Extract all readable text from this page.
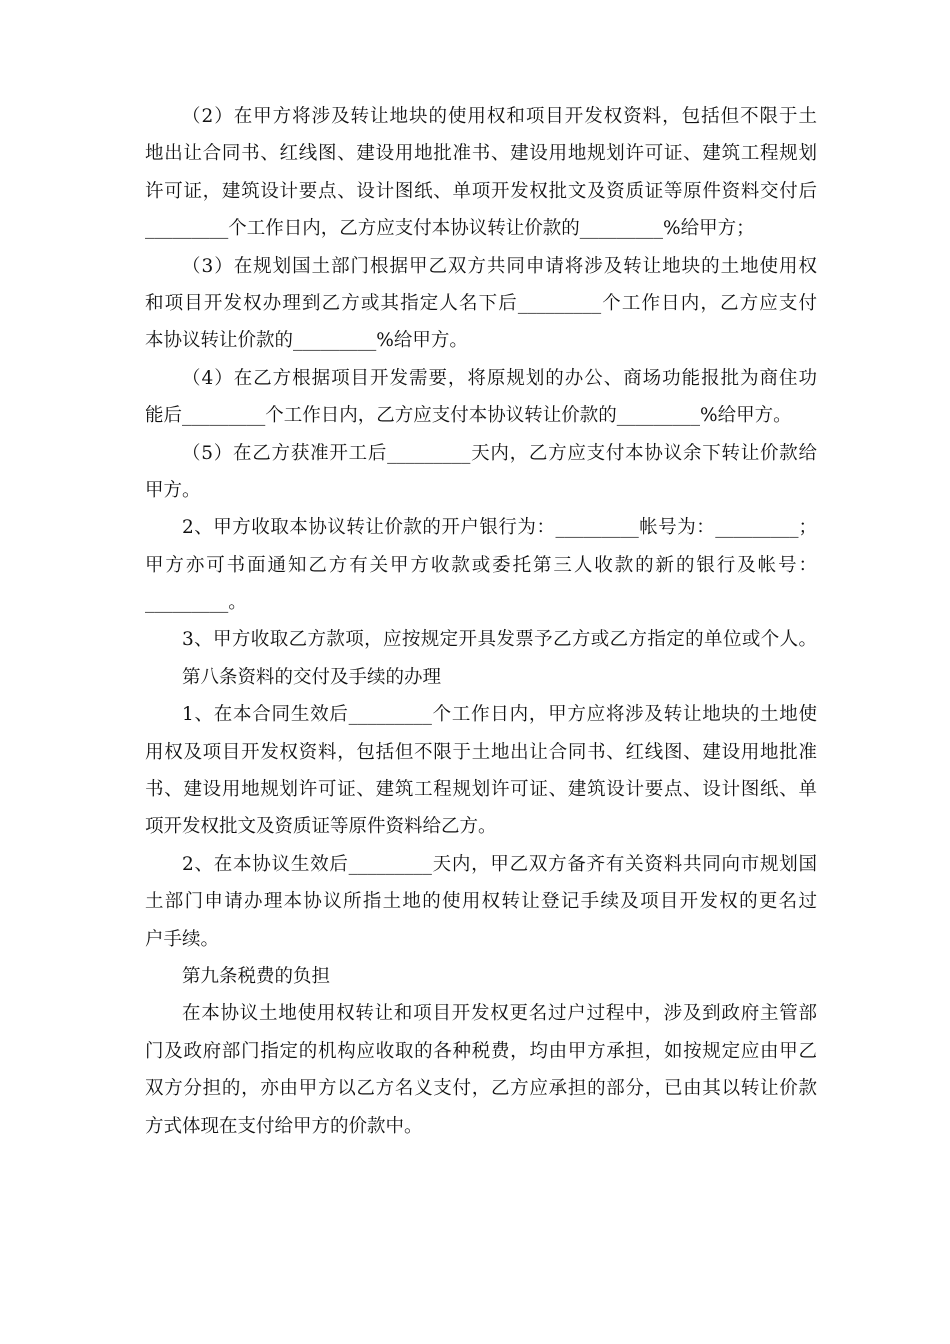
（2）在甲方将涉及转让地块的使用权和项目开发权资料，包括但不限于土
地出让合同书、红线图、建设用地批准书、建设用地规划许可证、建筑工程规划
许可证，建筑设计要点、设计图纸、单项开发权批文及资质证等原件资料交付后
_________个工作日内，乙方应支付本协议转让价款的_________%给甲方；
（3）在规划国土部门根据甲乙双方共同申请将涉及转让地块的土地使用权
和项目开发权办理到乙方或其指定人名下后_________个工作日内，乙方应支付
本协议转让价款的_________%给甲方。
（4）在乙方根据项目开发需要，将原规划的办公、商场功能报批为商住功
能后_________个工作日内，乙方应支付本协议转让价款的_________%给甲方。
（5）在乙方获准开工后_________天内，乙方应支付本协议余下转让价款给
甲方。
2、甲方收取本协议转让价款的开户银行为：_________帐号为：_________；
甲方亦可书面通知乙方有关甲方收款或委托第三人收款的新的银行及帐号：
_________。
3、甲方收取乙方款项，应按规定开具发票予乙方或乙方指定的单位或个人。
第八条资料的交付及手续的办理
1、在本合同生效后_________个工作日内，甲方应将涉及转让地块的土地使
用权及项目开发权资料，包括但不限于土地出让合同书、红线图、建设用地批准
书、建设用地规划许可证、建筑工程规划许可证、建筑设计要点、设计图纸、单
项开发权批文及资质证等原件资料给乙方。
2、在本协议生效后_________天内，甲乙双方备齐有关资料共同向市规划国
土部门申请办理本协议所指土地的使用权转让登记手续及项目开发权的更名过
户手续。
第九条税费的负担
在本协议土地使用权转让和项目开发权更名过户过程中，涉及到政府主管部
门及政府部门指定的机构应收取的各种税费，均由甲方承担，如按规定应由甲乙
双方分担的，亦由甲方以乙方名义支付，乙方应承担的部分，已由其以转让价款
方式体现在支付给甲方的价款中。
